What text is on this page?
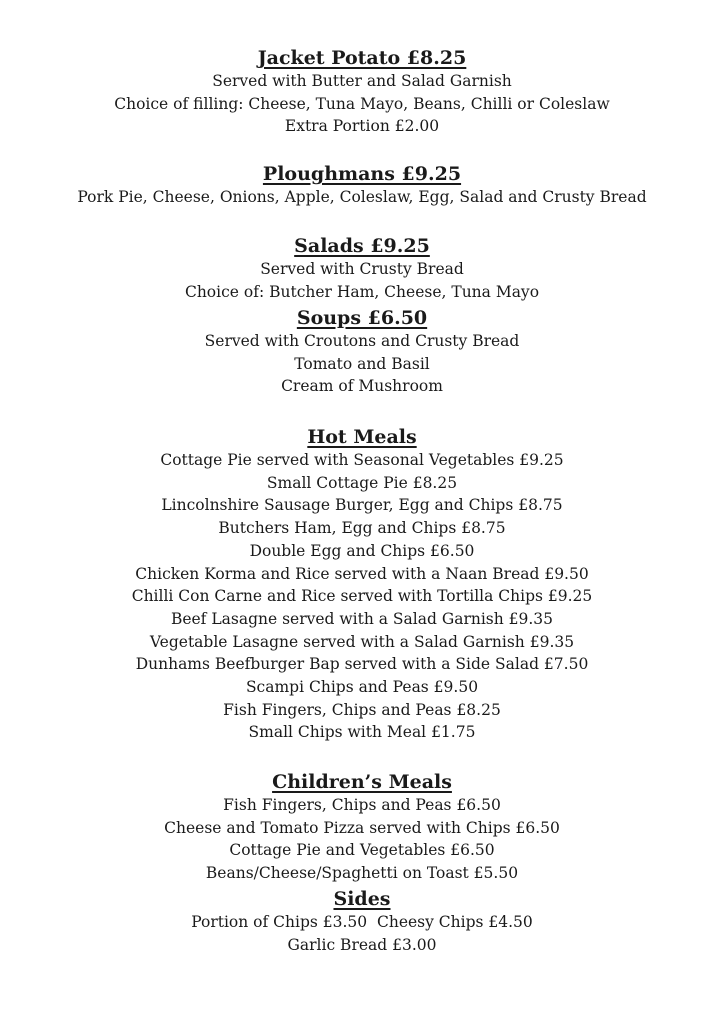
Jacket Potato £8.25
Served with Butter and Salad Garnish
Choice of filling: Cheese, Tuna Mayo, Beans, Chilli or Coleslaw
Extra Portion £2.00
Ploughmans £9.25
Pork Pie, Cheese, Onions, Apple, Coleslaw, Egg, Salad and Crusty Bread
Salads £9.25
Served with Crusty Bread
Choice of: Butcher Ham, Cheese, Tuna Mayo
Soups £6.50
Served with Croutons and Crusty Bread
Tomato and Basil
Cream of Mushroom
Hot Meals
Cottage Pie served with Seasonal Vegetables £9.25
Small Cottage Pie £8.25
Lincolnshire Sausage Burger, Egg and Chips £8.75
Butchers Ham, Egg and Chips £8.75
Double Egg and Chips £6.50
Chicken Korma and Rice served with a Naan Bread £9.50
Chilli Con Carne and Rice served with Tortilla Chips £9.25
Beef Lasagne served with a Salad Garnish £9.35
Vegetable Lasagne served with a Salad Garnish £9.35
Dunhams Beefburger Bap served with a Side Salad £7.50
Scampi Chips and Peas £9.50
Fish Fingers, Chips and Peas £8.25
Small Chips with Meal £1.75
Children’s Meals
Fish Fingers, Chips and Peas £6.50
Cheese and Tomato Pizza served with Chips £6.50
Cottage Pie and Vegetables £6.50
Beans/Cheese/Spaghetti on Toast £5.50
Sides
Portion of Chips £3.50  Cheesy Chips £4.50
Garlic Bread £3.00
